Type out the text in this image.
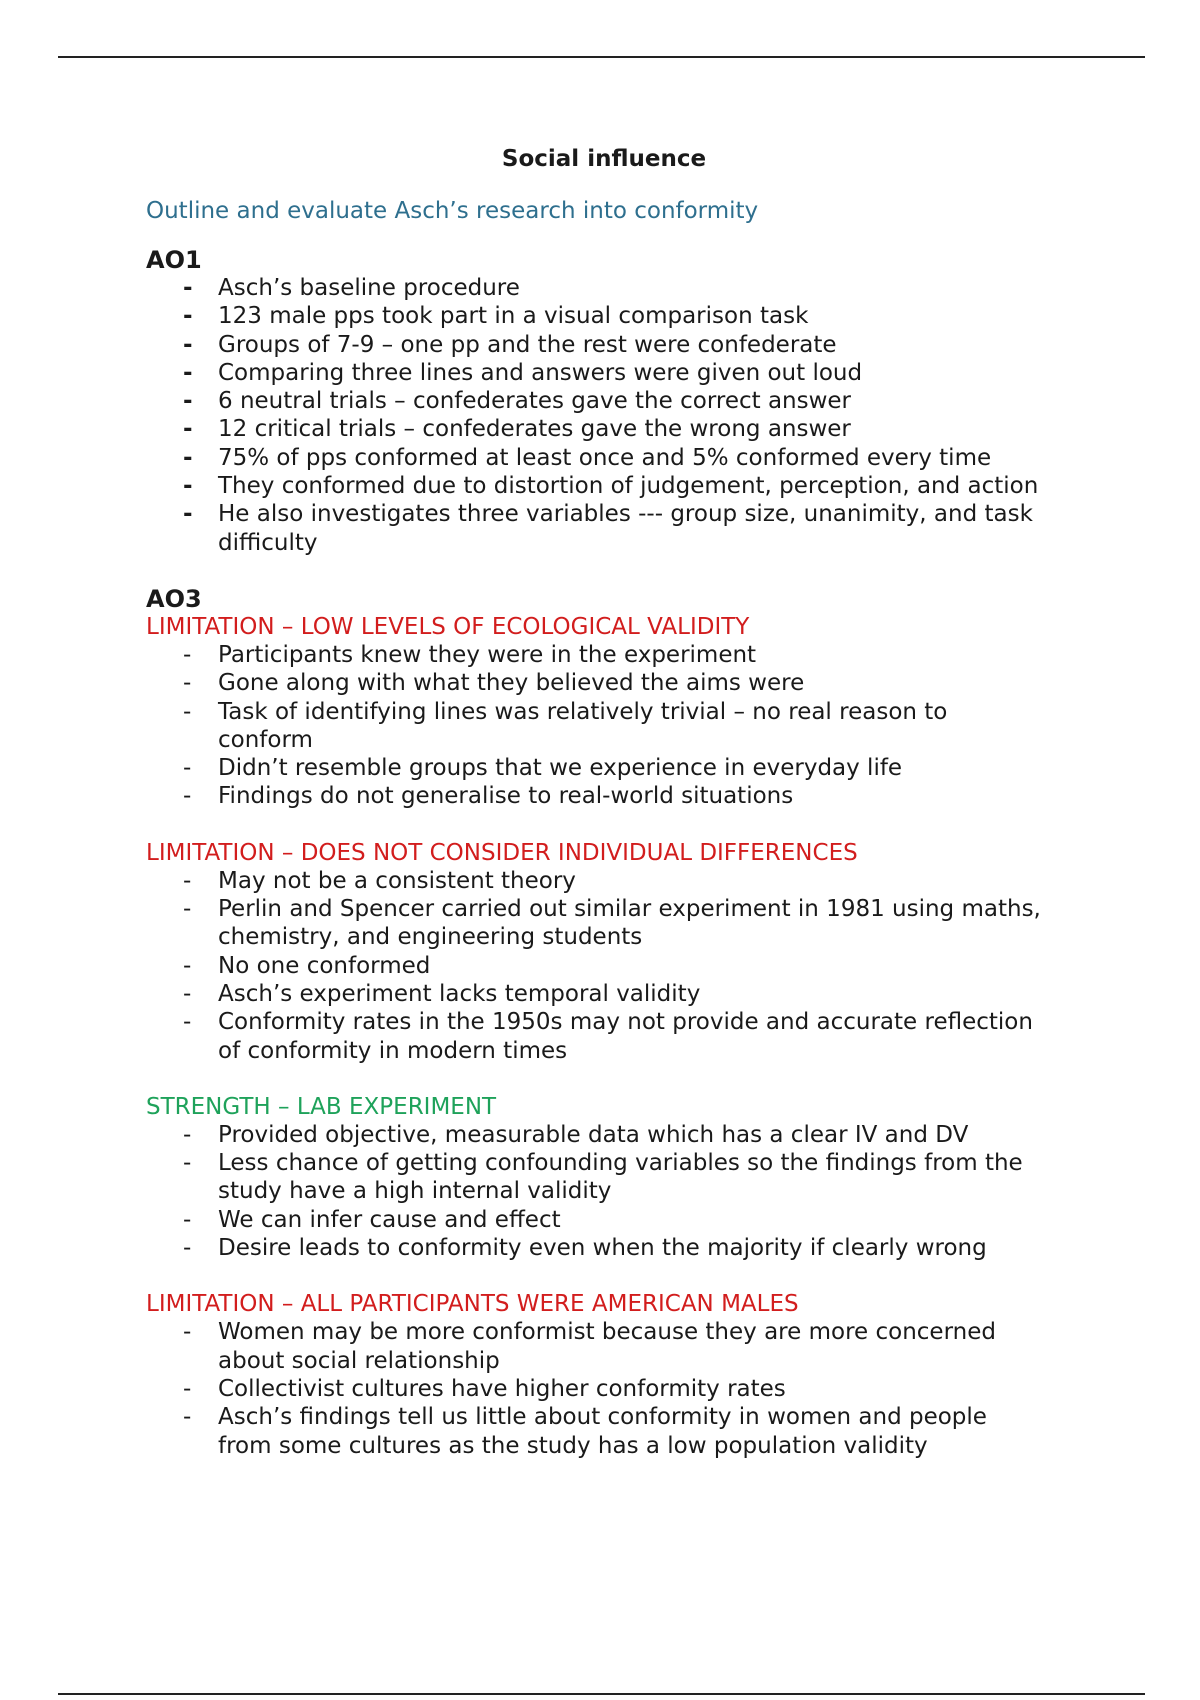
Social influence
Outline and evaluate Asch’s research into conformity
AO1
- Asch’s baseline procedure
- 123 male pps took part in a visual comparison task
- Groups of 7-9 – one pp and the rest were confederate
- Comparing three lines and answers were given out loud
- 6 neutral trials – confederates gave the correct answer
- 12 critical trials – confederates gave the wrong answer
- 75% of pps conformed at least once and 5% conformed every time
- They conformed due to distortion of judgement, perception, and action
- He also investigates three variables --- group size, unanimity, and task difficulty
AO3
LIMITATION – LOW LEVELS OF ECOLOGICAL VALIDITY
- Participants knew they were in the experiment
- Gone along with what they believed the aims were
- Task of identifying lines was relatively trivial – no real reason to conform
- Didn’t resemble groups that we experience in everyday life
- Findings do not generalise to real-world situations
LIMITATION – DOES NOT CONSIDER INDIVIDUAL DIFFERENCES
- May not be a consistent theory
- Perlin and Spencer carried out similar experiment in 1981 using maths, chemistry, and engineering students
- No one conformed
- Asch’s experiment lacks temporal validity
- Conformity rates in the 1950s may not provide and accurate reflection of conformity in modern times
STRENGTH – LAB EXPERIMENT
- Provided objective, measurable data which has a clear IV and DV
- Less chance of getting confounding variables so the findings from the study have a high internal validity
- We can infer cause and effect
- Desire leads to conformity even when the majority if clearly wrong
LIMITATION – ALL PARTICIPANTS WERE AMERICAN MALES
- Women may be more conformist because they are more concerned about social relationship
- Collectivist cultures have higher conformity rates
- Asch’s findings tell us little about conformity in women and people from some cultures as the study has a low population validity
